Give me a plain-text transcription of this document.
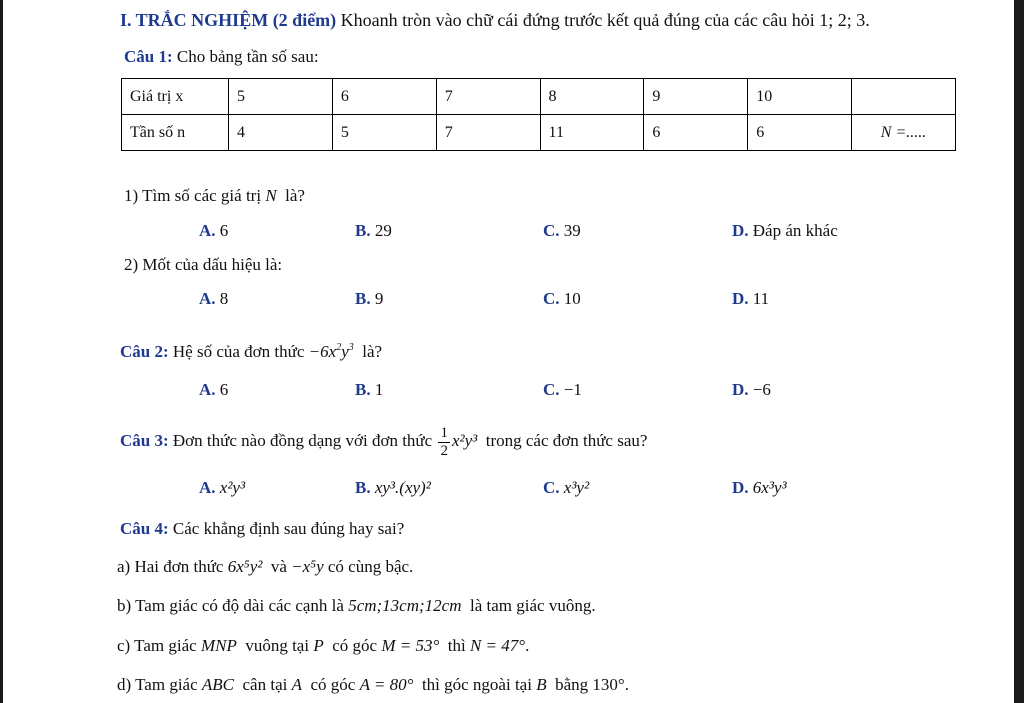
I. TRẮC NGHIỆM (2 điểm) Khoanh tròn vào chữ cái đứng trước kết quả đúng của các câu hỏi 1; 2; 3.
Câu 1: Cho bảng tần số sau:
Giá trị x	5	6	7	8	9	10	
Tần số n	4	5	7	11	6	6	N =.....
1) Tìm số các giá trị N là?
A. 6	B. 29	C. 39	D. Đáp án khác
2) Mốt của dấu hiệu là:
A. 8	B. 9	C. 10	D. 11
Câu 2: Hệ số của đơn thức $-6x^2y^3$ là?
A. 6	B. 1	C. −1	D. −6
Câu 3: Đơn thức nào đồng dạng với đơn thức $\frac{1}{2} x^2y^3$ trong các đơn thức sau?
A. x²y³	B. xy³.(xy)²	C. x³y²	D. 6x³y³
Câu 4: Các khẳng định sau đúng hay sai?
a) Hai đơn thức 6x⁵y² và −x⁵y có cùng bậc.
b) Tam giác có độ dài các cạnh là 5cm;13cm;12cm là tam giác vuông.
c) Tam giác MNP vuông tại P có góc M = 53° thì N = 47°.
d) Tam giác ABC cân tại A có góc A = 80° thì góc ngoài tại B bằng 130°.
